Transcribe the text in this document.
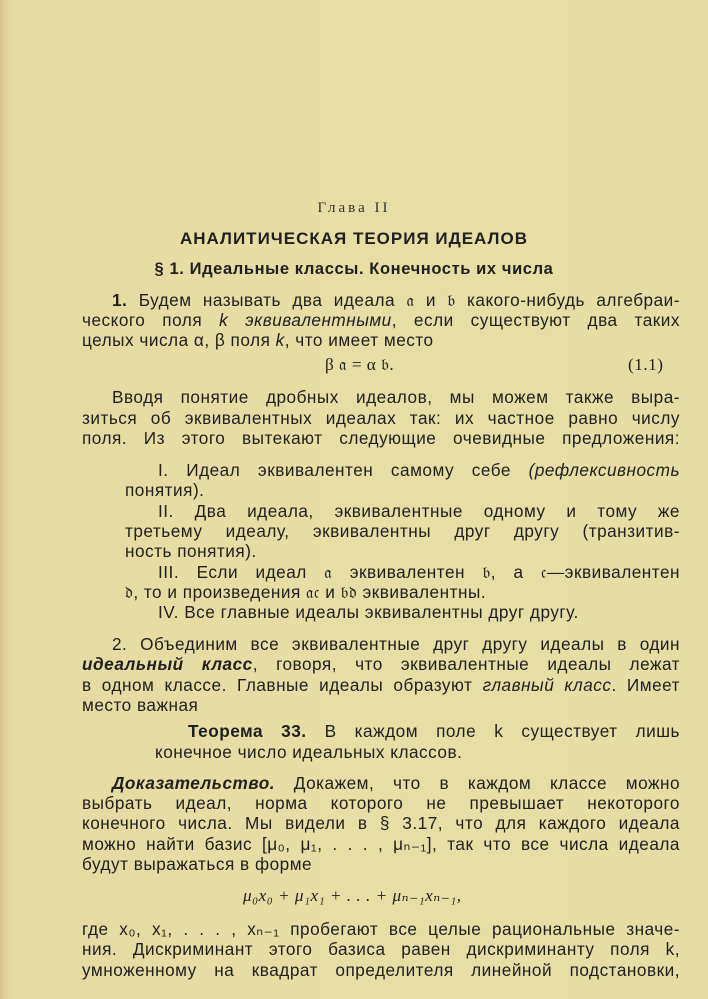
Глава II
АНАЛИТИЧЕСКАЯ ТЕОРИЯ ИДЕАЛОВ
§ 1. Идеальные классы. Конечность их числа
1. Будем называть два идеала 𝔞 и 𝔟 какого-нибудь алгебраи-
ческого поля k эквивалентными, если существуют два таких
целых числа α, β поля k, что имеет место
β 𝔞 = α 𝔟.	(1.1)
Вводя понятие дробных идеалов, мы можем также выра-
зиться об эквивалентных идеалах так: их частное равно числу
поля. Из этого вытекают следующие очевидные предложения:
I. Идеал эквивалентен самому себе (рефлексивность
понятия).
II. Два идеала, эквивалентные одному и тому же
третьему идеалу, эквивалентны друг другу (транзитив-
ность понятия).
III. Если идеал 𝔞 эквивалентен 𝔟, а 𝔠—эквивалентен
𝔡, то и произведения 𝔞𝔠 и 𝔟𝔡 эквивалентны.
IV. Все главные идеалы эквивалентны друг другу.
2. Объединим все эквивалентные друг другу идеалы в один
идеальный класс, говоря, что эквивалентные идеалы лежат
в одном классе. Главные идеалы образуют главный класс. Имеет
место важная
Теорема 33. В каждом поле k существует лишь
конечное число идеальных классов.
Доказательство. Докажем, что в каждом классе можно
выбрать идеал, норма которого не превышает некоторого
конечного числа. Мы видели в § 3.17, что для каждого идеала
можно найти базис [μ₀, μ₁, . . . , μₙ₋₁], так что все числа идеала
будут выражаться в форме
μ₀x₀ + μ₁x₁ + . . . + μₙ₋₁xₙ₋₁,
где x₀, x₁, . . . , xₙ₋₁ пробегают все целые рациональные значе-
ния. Дискриминант этого базиса равен дискриминанту поля k,
умноженному на квадрат определителя линейной подстановки,
